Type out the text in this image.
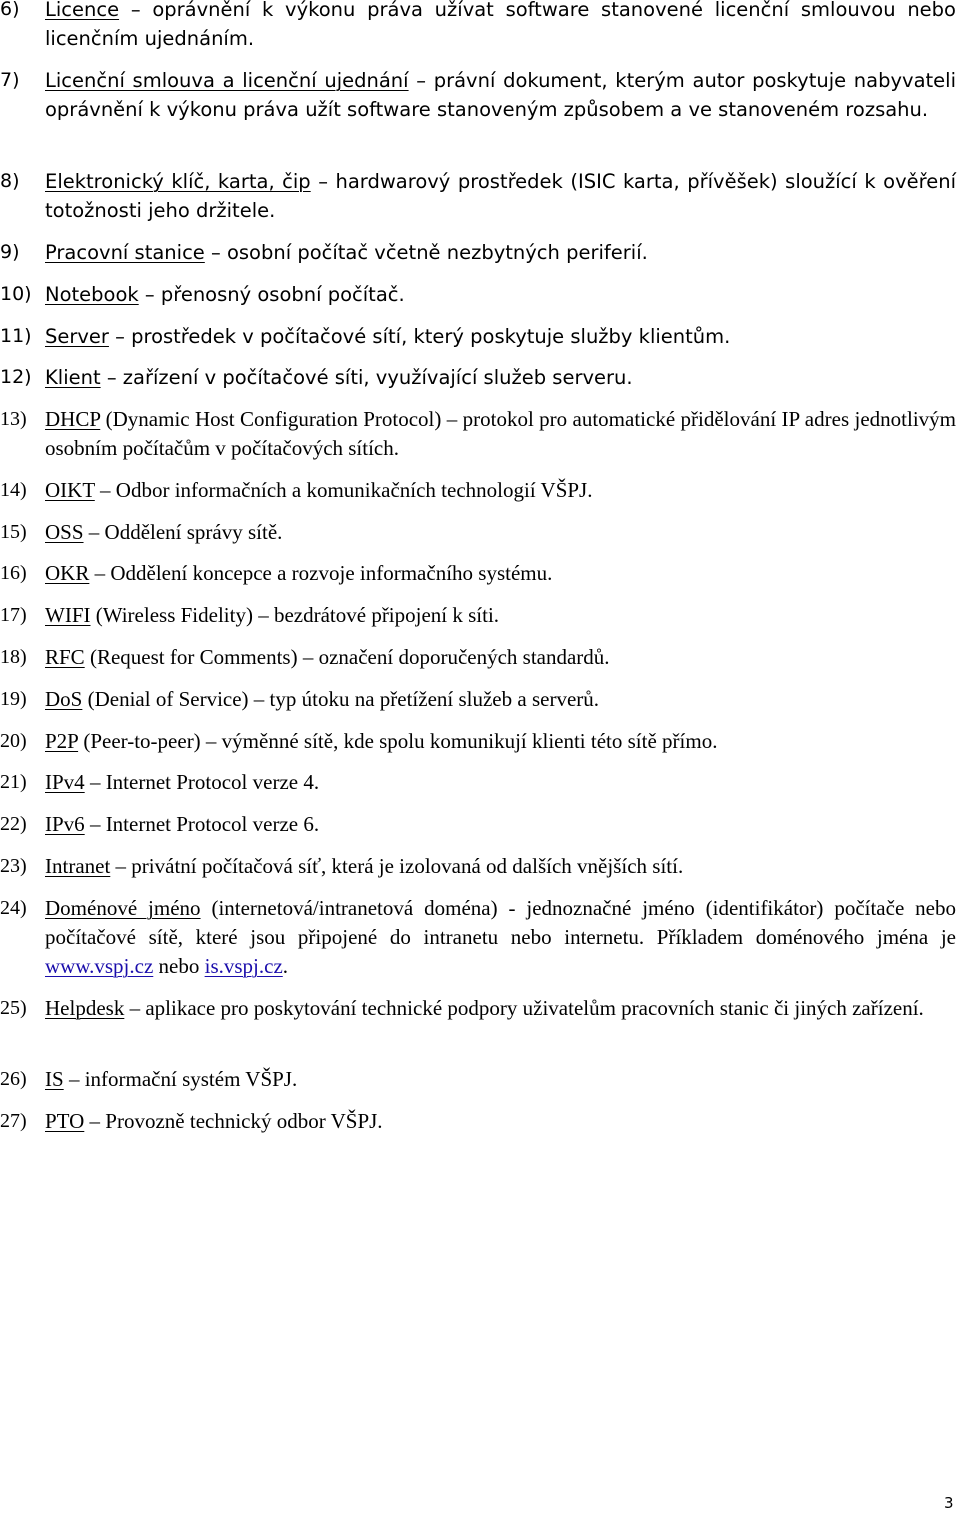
6) Licence – oprávnění k výkonu práva užívat software stanovené licenční smlouvou nebo licenčním ujednáním.
7) Licenční smlouva a licenční ujednání – právní dokument, kterým autor poskytuje nabyvateli oprávnění k výkonu práva užít software stanoveným způsobem a ve stanoveném rozsahu.
8) Elektronický klíč, karta, čip – hardwarový prostředek (ISIC karta, přívěšek) sloužící k ověření totožnosti jeho držitele.
9) Pracovní stanice – osobní počítač včetně nezbytných periferií.
10) Notebook – přenosný osobní počítač.
11) Server – prostředek v počítačové sítí, který poskytuje služby klientům.
12) Klient – zařízení v počítačové síti, využívající služeb serveru.
13) DHCP (Dynamic Host Configuration Protocol) – protokol pro automatické přidělování IP adres jednotlivým osobním počítačům v počítačových sítích.
14) OIKT – Odbor informačních a komunikačních technologií VŠPJ.
15) OSS – Oddělení správy sítě.
16) OKR – Oddělení koncepce a rozvoje informačního systému.
17) WIFI (Wireless Fidelity) – bezdrátové připojení k síti.
18) RFC (Request for Comments) – označení doporučených standardů.
19) DoS (Denial of Service) – typ útoku na přetížení služeb a serverů.
20) P2P (Peer-to-peer) – výměnné sítě, kde spolu komunikují klienti této sítě přímo.
21) IPv4 – Internet Protocol verze 4.
22) IPv6 – Internet Protocol verze 6.
23) Intranet – privátní počítačová síť, která je izolovaná od dalších vnějších sítí.
24) Doménové jméno (internetová/intranetová doména) - jednoznačné jméno (identifikátor) počítače nebo počítačové sítě, které jsou připojené do intranetu nebo internetu. Příkladem doménového jména je www.vspj.cz nebo is.vspj.cz.
25) Helpdesk – aplikace pro poskytování technické podpory uživatelům pracovních stanic či jiných zařízení.
26) IS – informační systém VŠPJ.
27) PTO – Provozně technický odbor VŠPJ.
3
